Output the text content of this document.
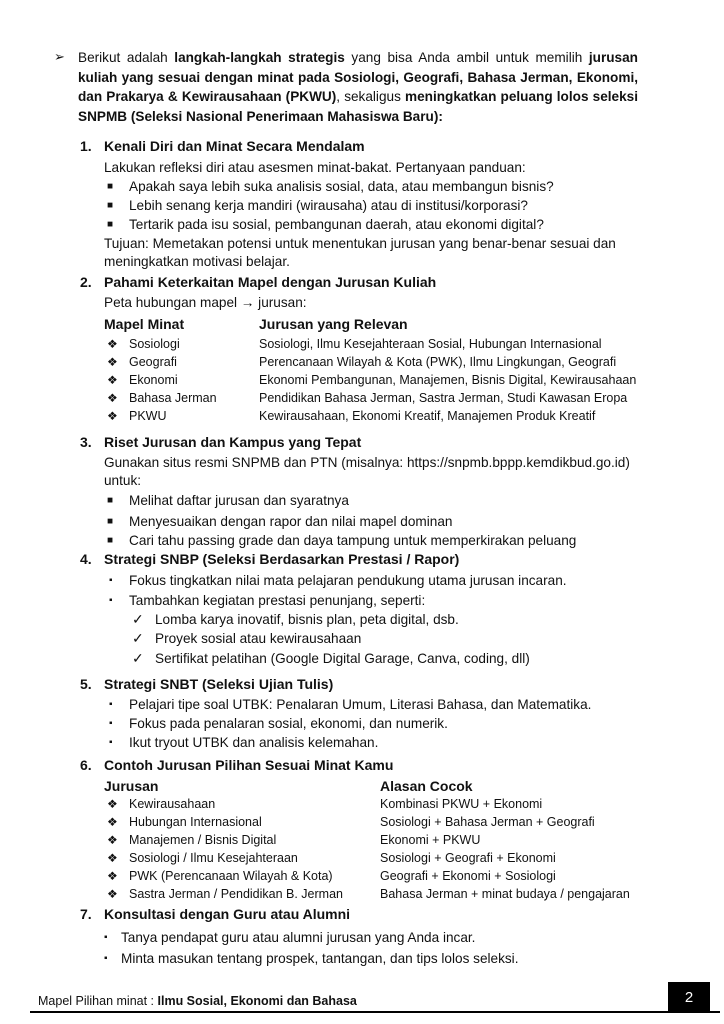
➢ Berikut adalah langkah-langkah strategis yang bisa Anda ambil untuk memilih jurusan kuliah yang sesuai dengan minat pada Sosiologi, Geografi, Bahasa Jerman, Ekonomi, dan Prakarya & Kewirausahaan (PKWU), sekaligus meningkatkan peluang lolos seleksi SNPMB (Seleksi Nasional Penerimaan Mahasiswa Baru):
1. Kenali Diri dan Minat Secara Mendalam
Lakukan refleksi diri atau asesmen minat-bakat. Pertanyaan panduan:
■ Apakah saya lebih suka analisis sosial, data, atau membangun bisnis?
■ Lebih senang kerja mandiri (wirausaha) atau di institusi/korporasi?
■ Tertarik pada isu sosial, pembangunan daerah, atau ekonomi digital?
Tujuan: Memetakan potensi untuk menentukan jurusan yang benar-benar sesuai dan
meningkatkan motivasi belajar.
2. Pahami Keterkaitan Mapel dengan Jurusan Kuliah
Peta hubungan mapel → jurusan:
Mapel Minat	Jurusan yang Relevan
❖ Sosiologi	Sosiologi, Ilmu Kesejahteraan Sosial, Hubungan Internasional
❖ Geografi	Perencanaan Wilayah & Kota (PWK), Ilmu Lingkungan, Geografi
❖ Ekonomi	Ekonomi Pembangunan, Manajemen, Bisnis Digital, Kewirausahaan
❖ Bahasa Jerman	Pendidikan Bahasa Jerman, Sastra Jerman, Studi Kawasan Eropa
❖ PKWU	Kewirausahaan, Ekonomi Kreatif, Manajemen Produk Kreatif
3. Riset Jurusan dan Kampus yang Tepat
Gunakan situs resmi SNPMB dan PTN (misalnya: https://snpmb.bppp.kemdikbud.go.id)
untuk:
■ Melihat daftar jurusan dan syaratnya
■ Menyesuaikan dengan rapor dan nilai mapel dominan
■ Cari tahu passing grade dan daya tampung untuk memperkirakan peluang
4. Strategi SNBP (Seleksi Berdasarkan Prestasi / Rapor)
▪ Fokus tingkatkan nilai mata pelajaran pendukung utama jurusan incaran.
▪ Tambahkan kegiatan prestasi penunjang, seperti:
✓ Lomba karya inovatif, bisnis plan, peta digital, dsb.
✓ Proyek sosial atau kewirausahaan
✓ Sertifikat pelatihan (Google Digital Garage, Canva, coding, dll)
5. Strategi SNBT (Seleksi Ujian Tulis)
▪ Pelajari tipe soal UTBK: Penalaran Umum, Literasi Bahasa, dan Matematika.
▪ Fokus pada penalaran sosial, ekonomi, dan numerik.
▪ Ikut tryout UTBK dan analisis kelemahan.
6. Contoh Jurusan Pilihan Sesuai Minat Kamu
Jurusan	Alasan Cocok
❖ Kewirausahaan	Kombinasi PKWU + Ekonomi
❖ Hubungan Internasional	Sosiologi + Bahasa Jerman + Geografi
❖ Manajemen / Bisnis Digital	Ekonomi + PKWU
❖ Sosiologi / Ilmu Kesejahteraan	Sosiologi + Geografi + Ekonomi
❖ PWK (Perencanaan Wilayah & Kota)	Geografi + Ekonomi + Sosiologi
❖ Sastra Jerman / Pendidikan B. Jerman	Bahasa Jerman + minat budaya / pengajaran
7. Konsultasi dengan Guru atau Alumni
▪ Tanya pendapat guru atau alumni jurusan yang Anda incar.
▪ Minta masukan tentang prospek, tantangan, dan tips lolos seleksi.
Mapel Pilihan minat : Ilmu Sosial, Ekonomi dan Bahasa	2
